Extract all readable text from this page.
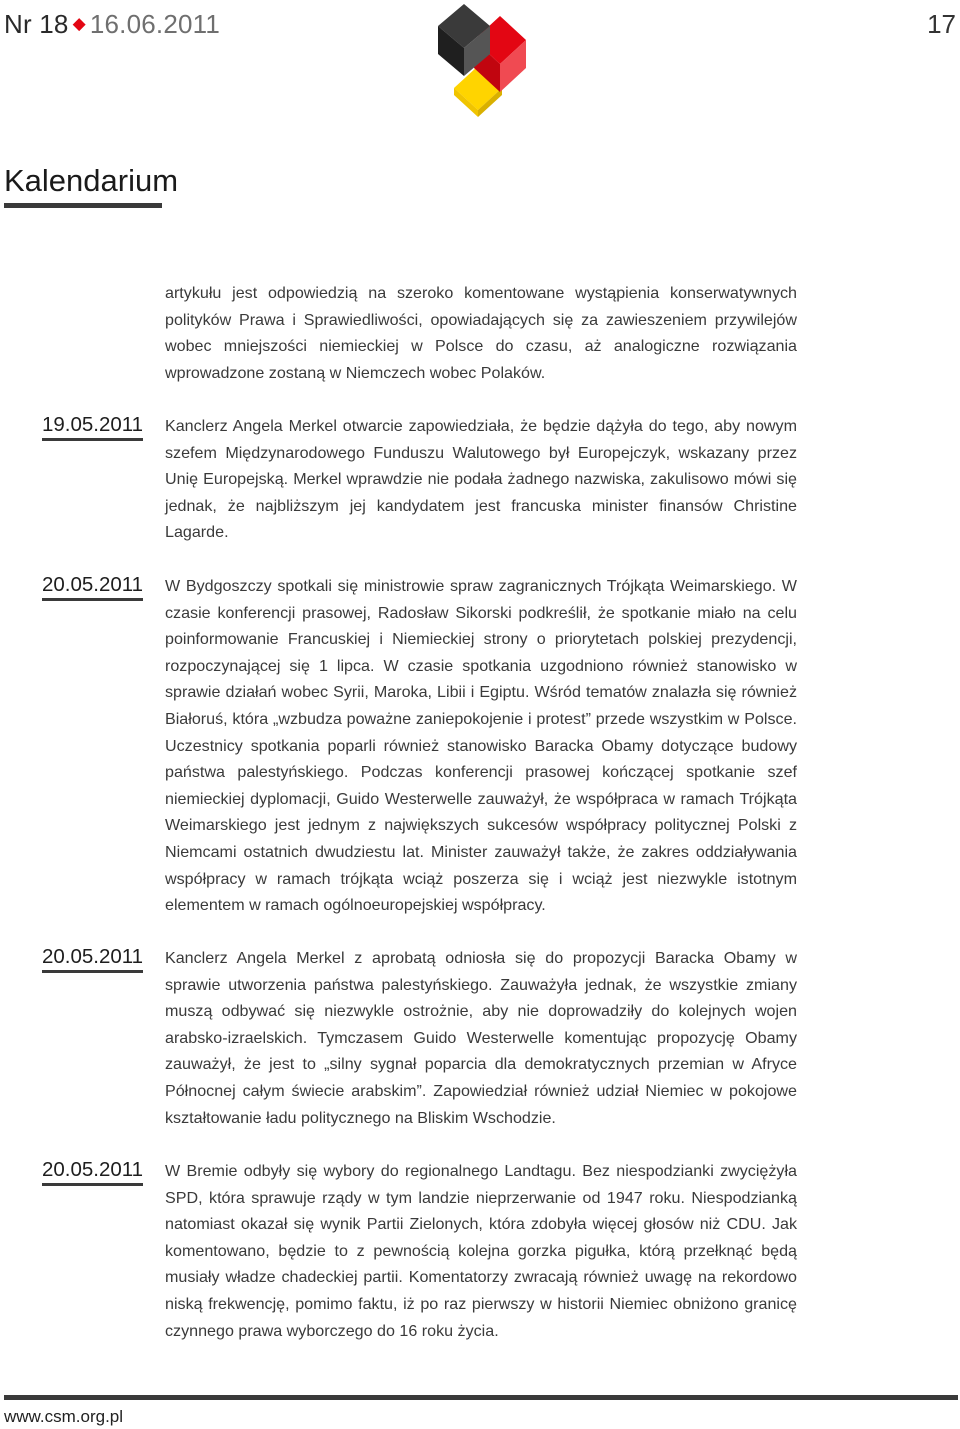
Nr 18 ◆ 16.06.2011	17
Kalendarium
artykułu jest odpowiedzią na szeroko komentowane wystąpienia konserwatywnych polityków Prawa i Sprawiedliwości, opowiadających się za zawieszeniem przywilejów wobec mniejszości niemieckiej w Polsce do czasu, aż analogiczne rozwiązania wprowadzone zostaną w Niemczech wobec Polaków.
19.05.2011 Kanclerz Angela Merkel otwarcie zapowiedziała, że będzie dążyła do tego, aby nowym szefem Międzynarodowego Funduszu Walutowego był Europejczyk, wskazany przez Unię Europejską. Merkel wprawdzie nie podała żadnego nazwiska, zakulisowo mówi się jednak, że najbliższym jej kandydatem jest francuska minister finansów Christine Lagarde.
20.05.2011 W Bydgoszczy spotkali się ministrowie spraw zagranicznych Trójkąta Weimarskiego. W czasie konferencji prasowej, Radosław Sikorski podkreślił, że spotkanie miało na celu poinformowanie Francuskiej i Niemieckiej strony o priorytetach polskiej prezydencji, rozpoczynającej się 1 lipca. W czasie spotkania uzgodniono również stanowisko w sprawie działań wobec Syrii, Maroka, Libii i Egiptu. Wśród tematów znalazła się również Białoruś, która „wzbudza poważne zaniepokojenie i protest” przede wszystkim w Polsce. Uczestnicy spotkania poparli również stanowisko Baracka Obamy dotyczące budowy państwa palestyńskiego. Podczas konferencji prasowej kończącej spotkanie szef niemieckiej dyplomacji, Guido Westerwelle zauważył, że współpraca w ramach Trójkąta Weimarskiego jest jednym z największych sukcesów współpracy politycznej Polski z Niemcami ostatnich dwudziestu lat. Minister zauważył także, że zakres oddziaływania współpracy w ramach trójkąta wciąż poszerza się i wciąż jest niezwykle istotnym elementem w ramach ogólnoeuropejskiej współpracy.
20.05.2011 Kanclerz Angela Merkel z aprobatą odniosła się do propozycji Baracka Obamy w sprawie utworzenia państwa palestyńskiego. Zauważyła jednak, że wszystkie zmiany muszą odbywać się niezwykle ostrożnie, aby nie doprowadziły do kolejnych wojen arabsko-izraelskich. Tymczasem Guido Westerwelle komentując propozycję Obamy zauważył, że jest to „silny sygnał poparcia dla demokratycznych przemian w Afryce Północnej całym świecie arabskim”. Zapowiedział również udział Niemiec w pokojowe kształtowanie ładu politycznego na Bliskim Wschodzie.
20.05.2011 W Bremie odbyły się wybory do regionalnego Landtagu. Bez niespodzianki zwyciężyła SPD, która sprawuje rządy w tym landzie nieprzerwanie od 1947 roku. Niespodzianką natomiast okazał się wynik Partii Zielonych, która zdobyła więcej głosów niż CDU. Jak komentowano, będzie to z pewnością kolejna gorzka pigułka, którą przełknąć będą musiały władze chadeckiej partii. Komentatorzy zwracają również uwagę na rekordowo niską frekwencję, pomimo faktu, iż po raz pierwszy w historii Niemiec obniżono granicę czynnego prawa wyborczego do 16 roku życia.
www.csm.org.pl
